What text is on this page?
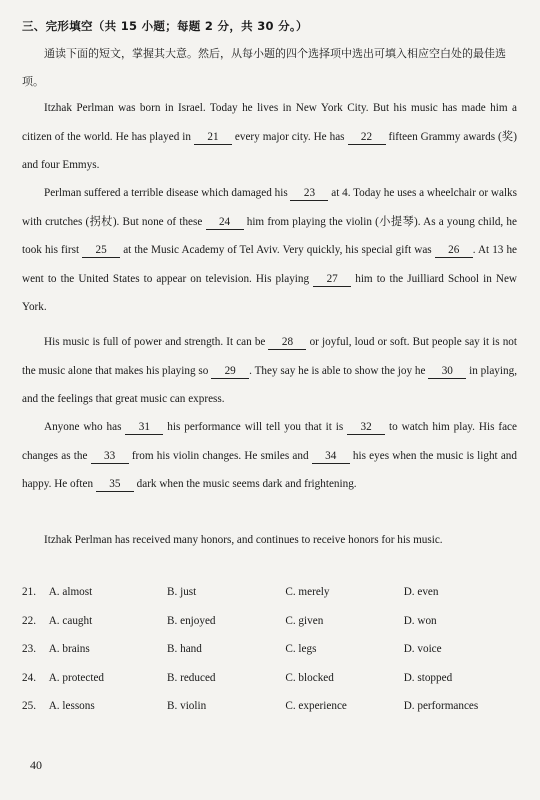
三、完形填空（共 15 小题；每题 2 分，共 30 分。）
通读下面的短文，掌握其大意。然后，从每小题的四个选择项中选出可填入相应空白处的最佳选项。
Itzhak Perlman was born in Israel. Today he lives in New York City. But his music has made him a citizen of the world. He has played in 21 every major city. He has 22 fifteen Grammy awards (奖) and four Emmys.
Perlman suffered a terrible disease which damaged his 23 at 4. Today he uses a wheelchair or walks with crutches (拐杖). But none of these 24 him from playing the violin (小提琴). As a young child, he took his first 25 at the Music Academy of Tel Aviv. Very quickly, his special gift was 26 . At 13 he went to the United States to appear on television. His playing 27 him to the Juilliard School in New York.
His music is full of power and strength. It can be 28 or joyful, loud or soft. But people say it is not the music alone that makes his playing so 29 . They say he is able to show the joy he 30 in playing, and the feelings that great music can express.
Anyone who has 31 his performance will tell you that it is 32 to watch him play. His face changes as the 33 from his violin changes. He smiles and 34 his eyes when the music is light and happy. He often 35 dark when the music seems dark and frightening.
Itzhak Perlman has received many honors, and continues to receive honors for his music.
21.	A. almost	B. just	C. merely	D. even
22.	A. caught	B. enjoyed	C. given	D. won
23.	A. brains	B. hand	C. legs	D. voice
24.	A. protected	B. reduced	C. blocked	D. stopped
25.	A. lessons	B. violin	C. experience	D. performances
40
